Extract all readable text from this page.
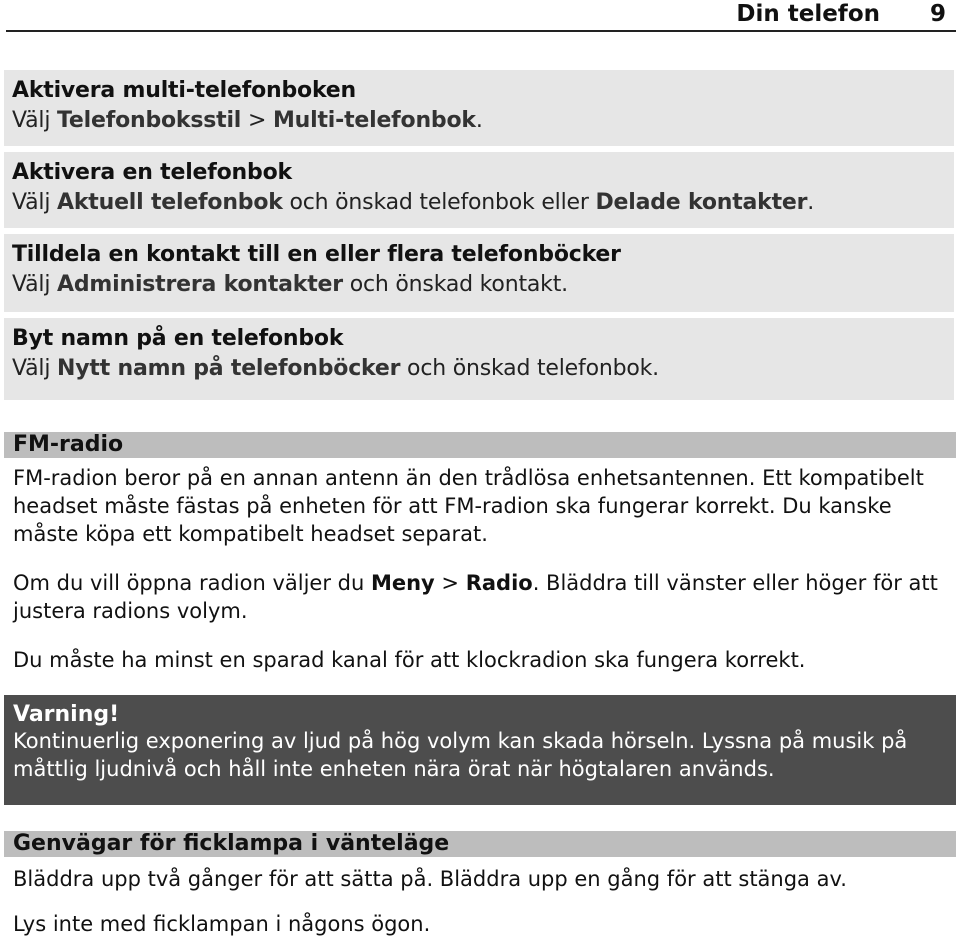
Din telefon 9
Aktivera multi-telefonboken
Välj Telefonboksstil > Multi-telefonbok.
Aktivera en telefonbok
Välj Aktuell telefonbok och önskad telefonbok eller Delade kontakter.
Tilldela en kontakt till en eller flera telefonböcker
Välj Administrera kontakter och önskad kontakt.
Byt namn på en telefonbok
Välj Nytt namn på telefonböcker och önskad telefonbok.
FM-radio
FM-radion beror på en annan antenn än den trådlösa enhetsantennen. Ett kompatibelt headset måste fästas på enheten för att FM-radion ska fungerar korrekt. Du kanske måste köpa ett kompatibelt headset separat.
Om du vill öppna radion väljer du Meny > Radio. Bläddra till vänster eller höger för att justera radions volym.
Du måste ha minst en sparad kanal för att klockradion ska fungera korrekt.
Varning!
Kontinuerlig exponering av ljud på hög volym kan skada hörseln. Lyssna på musik på måttlig ljudnivå och håll inte enheten nära örat när högtalaren används.
Genvägar för ficklampa i vänteläge
Bläddra upp två gånger för att sätta på. Bläddra upp en gång för att stänga av.
Lys inte med ficklampan i någons ögon.
